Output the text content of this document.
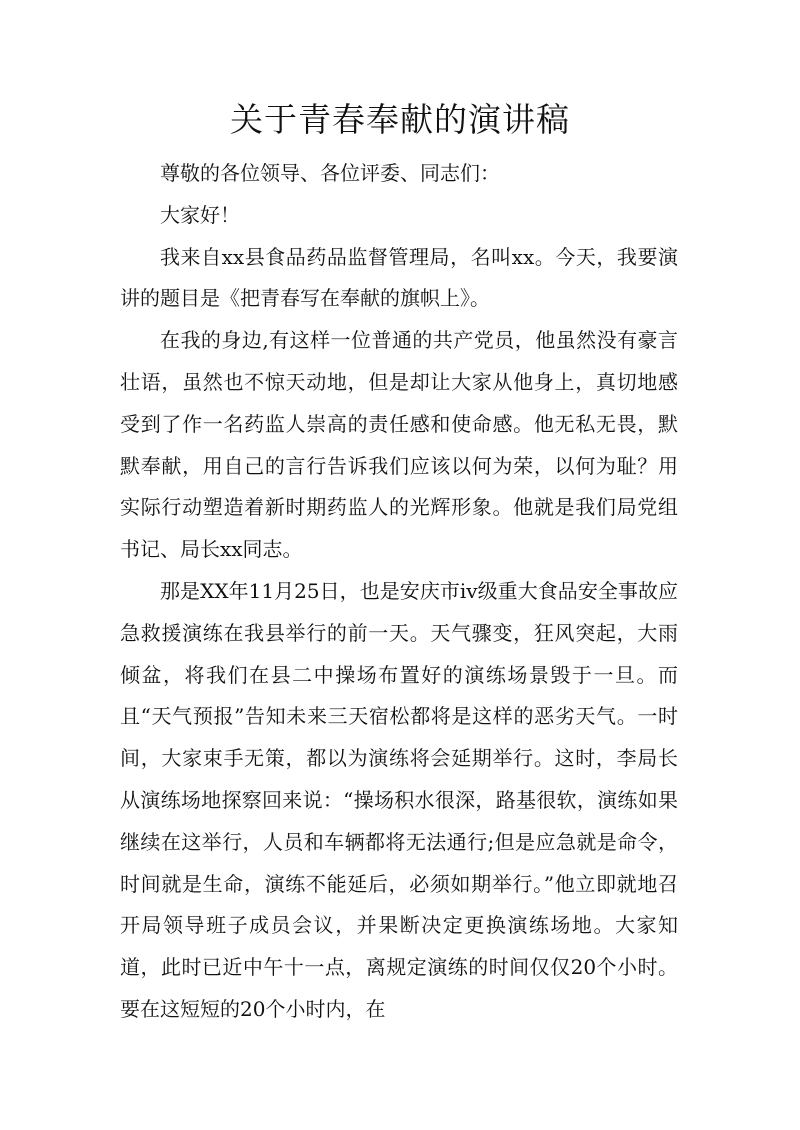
关于青春奉献的演讲稿

尊敬的各位领导、各位评委、同志们：

大家好！

我来自xx县食品药品监督管理局，名叫xx。今天，我要演讲的题目是《把青春写在奉献的旗帜上》。

在我的身边,有这样一位普通的共产党员，他虽然没有豪言壮语，虽然也不惊天动地，但是却让大家从他身上，真切地感受到了作一名药监人崇高的责任感和使命感。他无私无畏，默默奉献，用自己的言行告诉我们应该以何为荣，以何为耻？用实际行动塑造着新时期药监人的光辉形象。他就是我们局党组书记、局长xx同志。

那是XX年11月25日，也是安庆市iv级重大食品安全事故应急救援演练在我县举行的前一天。天气骤变，狂风突起，大雨倾盆，将我们在县二中操场布置好的演练场景毁于一旦。而且“天气预报”告知未来三天宿松都将是这样的恶劣天气。一时间，大家束手无策，都以为演练将会延期举行。这时，李局长从演练场地探察回来说：“操场积水很深，路基很软，演练如果继续在这举行，人员和车辆都将无法通行;但是应急就是命令，时间就是生命，演练不能延后，必须如期举行。”他立即就地召开局领导班子成员会议，并果断决定更换演练场地。大家知道，此时已近中午十一点，离规定演练的时间仅仅20个小时。要在这短短的20个小时内，在
